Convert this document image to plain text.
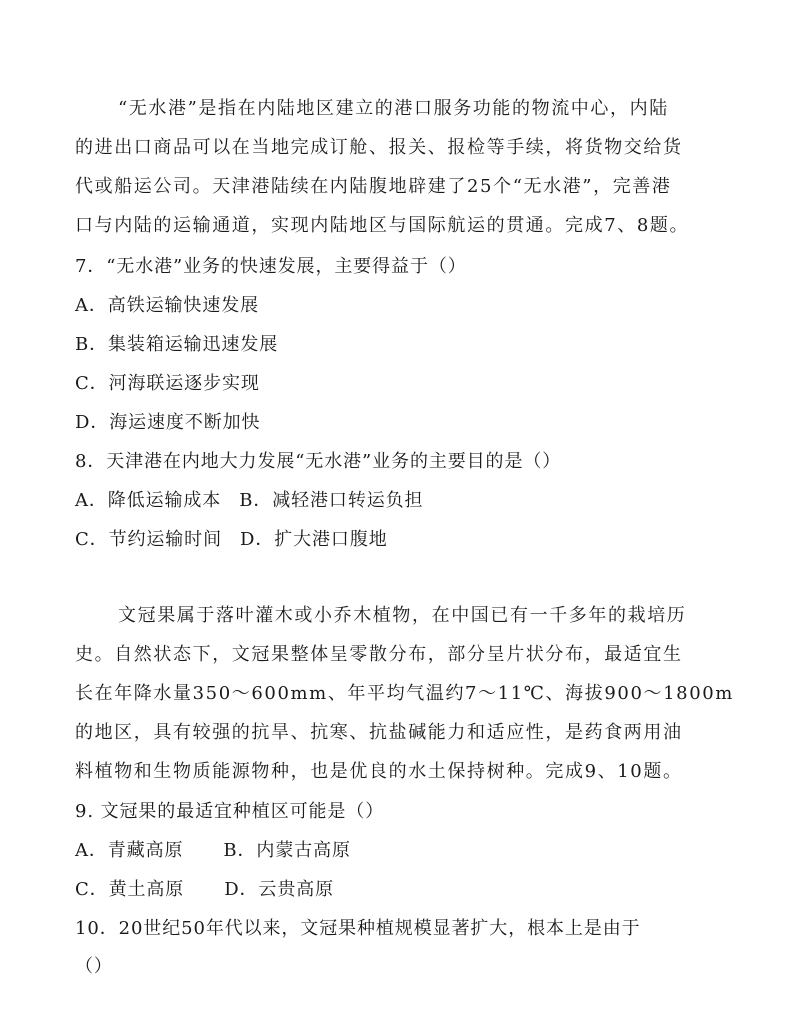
“无水港”是指在内陆地区建立的港口服务功能的物流中心，内陆
的进出口商品可以在当地完成订舱、报关、报检等手续，将货物交给货
代或船运公司。天津港陆续在内陆腹地辟建了25个“无水港”，完善港
口与内陆的运输通道，实现内陆地区与国际航运的贯通。完成7、8题。
7．“无水港”业务的快速发展，主要得益于（）
A．高铁运输快速发展
B．集装箱运输迅速发展
C．河海联运逐步实现
D．海运速度不断加快
8．天津港在内地大力发展“无水港”业务的主要目的是（）
A．降低运输成本 B．减轻港口转运负担
C．节约运输时间 D．扩大港口腹地
文冠果属于落叶灌木或小乔木植物，在中国已有一千多年的栽培历
史。自然状态下，文冠果整体呈零散分布，部分呈片状分布，最适宜生
长在年降水量350～600mm、年平均气温约7～11℃、海拔900～1800m
的地区，具有较强的抗旱、抗寒、抗盐碱能力和适应性，是药食两用油
料植物和生物质能源物种，也是优良的水土保持树种。完成9、10题。
9. 文冠果的最适宜种植区可能是（）
A．青藏高原 B．内蒙古高原
C．黄土高原 D．云贵高原
10．20世纪50年代以来，文冠果种植规模显著扩大，根本上是由于
（）
